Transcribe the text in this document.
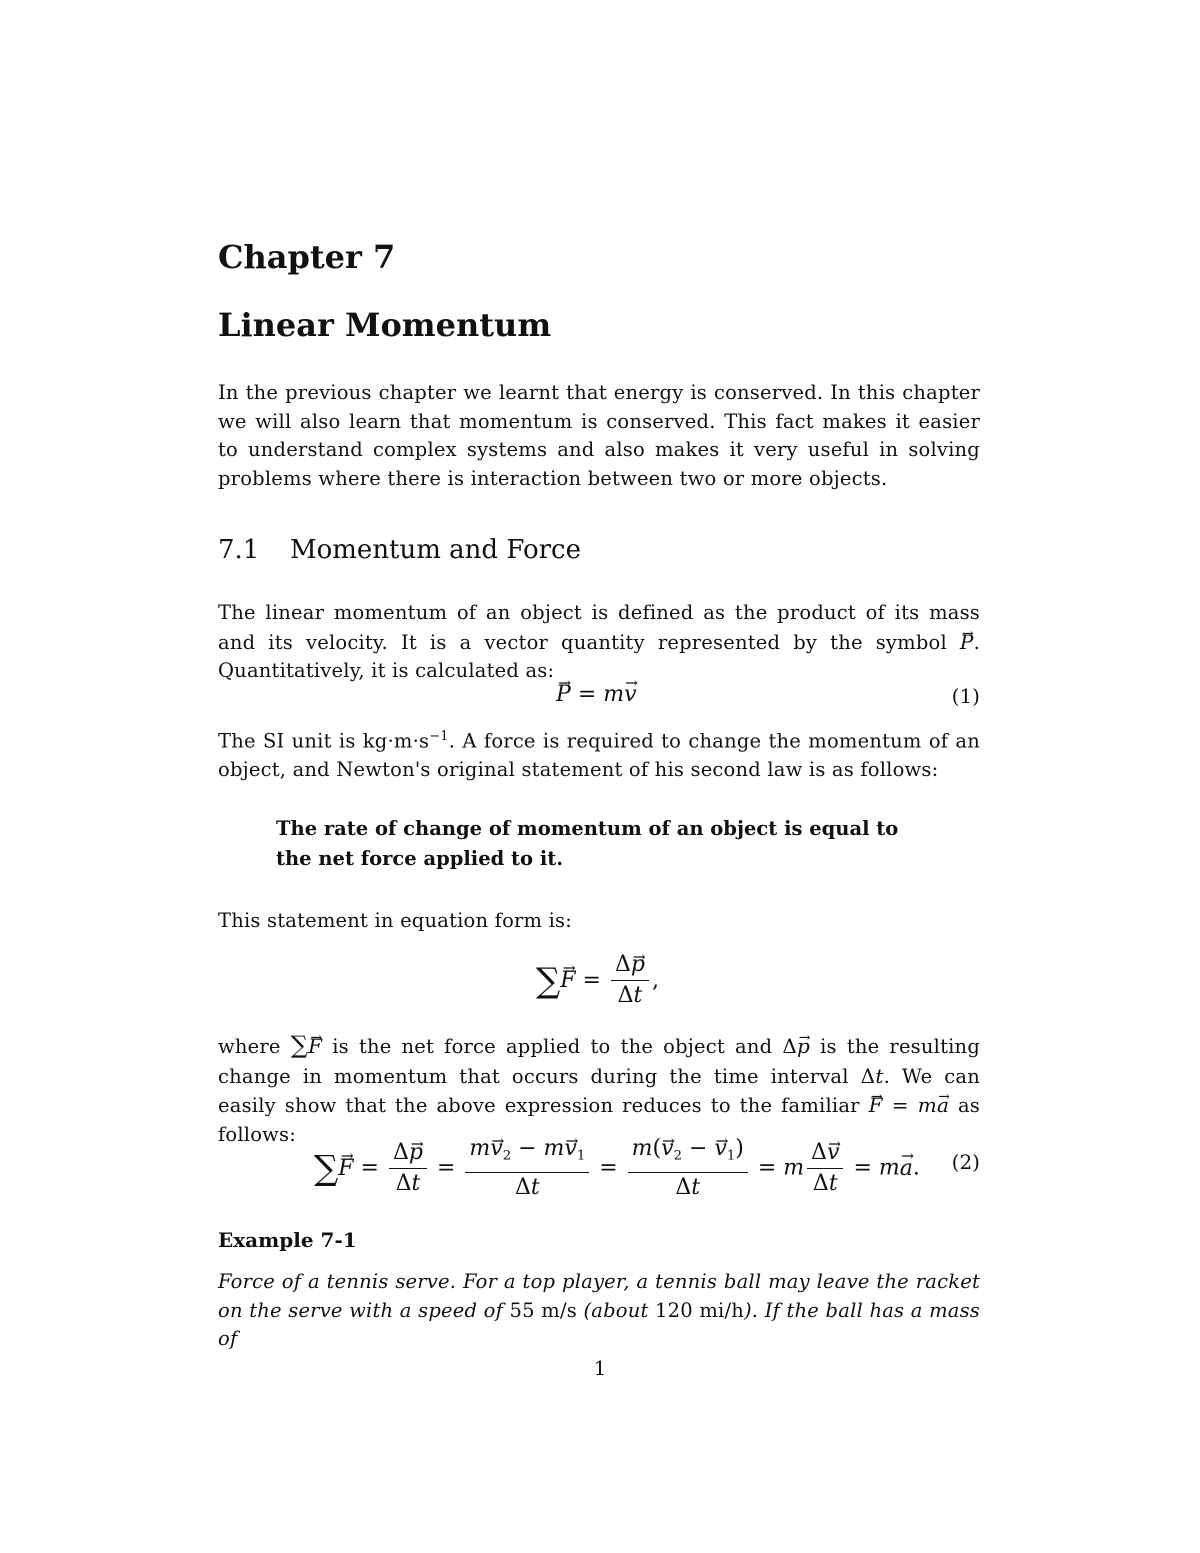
Chapter 7
Linear Momentum
In the previous chapter we learnt that energy is conserved. In this chapter we will also learn that momentum is conserved. This fact makes it easier to understand complex systems and also makes it very useful in solving problems where there is interaction between two or more objects.
7.1 Momentum and Force
The linear momentum of an object is defined as the product of its mass and its velocity. It is a vector quantity represented by the symbol → P. Quantitatively, it is calculated as:
→ P = m→ v	(1)
The SI unit is $kg\cdot m\cdot s^{-1}$. A force is required to change the momentum of an object, and Newton's original statement of his second law is as follows:
The rate of change of momentum of an object is equal to the net force applied to it.
This statement in equation form is:
∑→ $F = \frac{\Delta\to p}{\Delta t}$ ,
where ∑→ F is the net force applied to the object and Δ→ p is the resulting change in momentum that occurs during the time interval Δt. We can easily show that the above expression reduces to the familiar → F = m→ a as follows:
∑→ $F = \frac{\Delta\to p}{\Delta t} = \frac{m\to v_2 - m\to v_1}{\Delta t} = \frac{m(\to v_2 - \to v_1)}{\Delta t} = m \frac{\Delta\to v}{\Delta t} = m\to a$. (2)
Example 7-1
Force of a tennis serve. For a top player, a tennis ball may leave the racket on the serve with a speed of 55 m/s (about 120 mi/h). If the ball has a mass of
1
